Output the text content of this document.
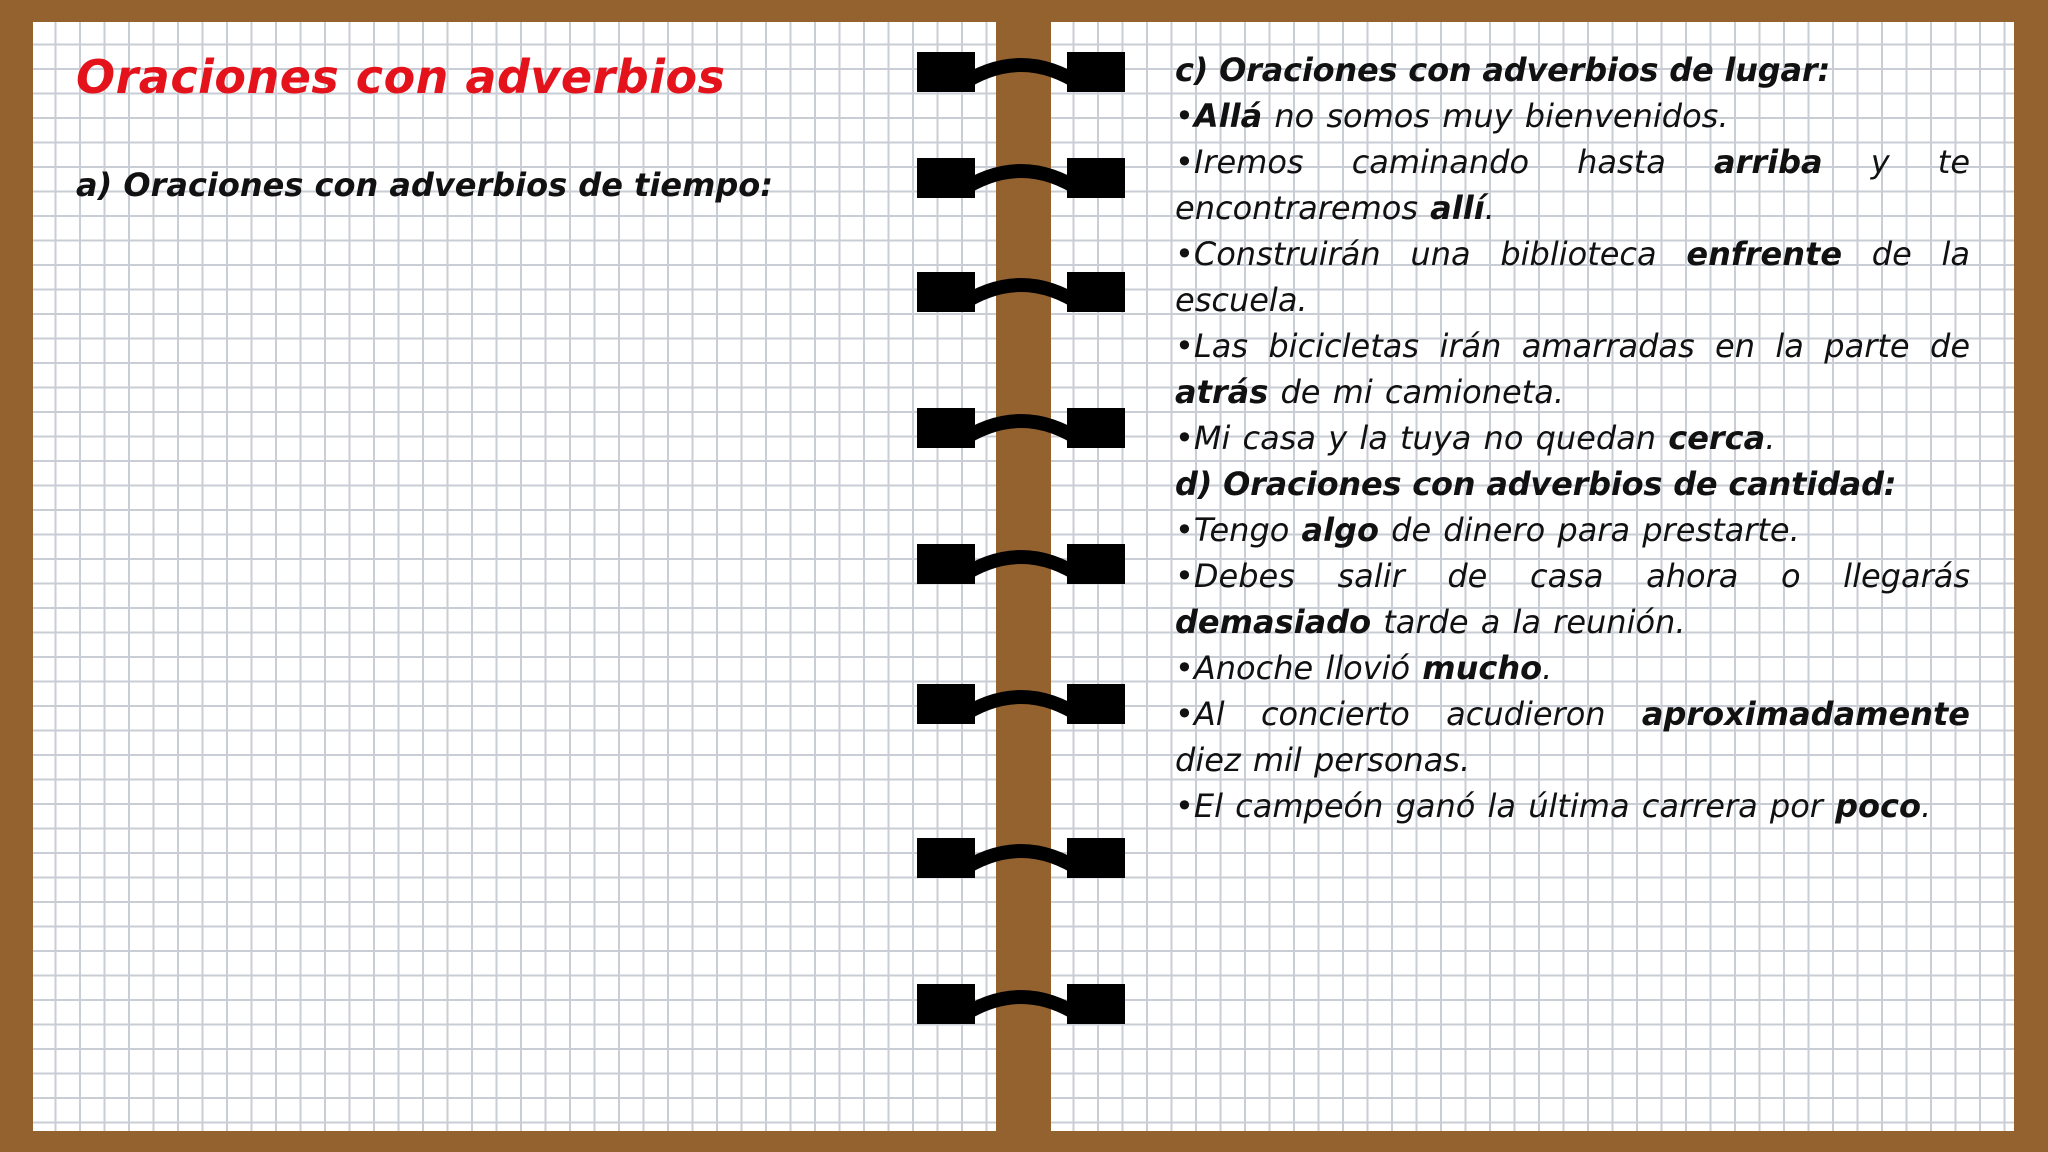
Oraciones con adverbios
a) Oraciones con adverbios de tiempo:
c) Oraciones con adverbios de lugar:
•Allá no somos muy bienvenidos.
•Iremos caminando hasta arriba y te encontraremos allí.
•Construirán una biblioteca enfrente de la escuela.
•Las bicicletas irán amarradas en la parte de atrás de mi camioneta.
•Mi casa y la tuya no quedan cerca.
d) Oraciones con adverbios de cantidad:
•Tengo algo de dinero para prestarte.
•Debes salir de casa ahora o llegarás demasiado tarde a la reunión.
•Anoche llovió mucho.
•Al concierto acudieron aproximadamente diez mil personas.
•El campeón ganó la última carrera por poco.
